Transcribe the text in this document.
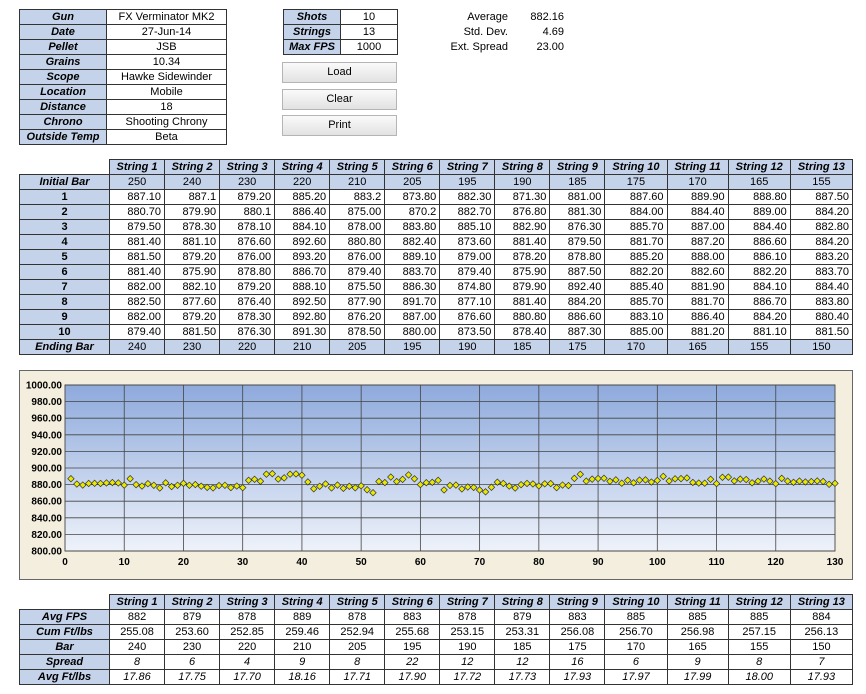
Gun	FX Verminator MK2
Date	27-Jun-14
Pellet	JSB
Grains	10.34
Scope	Hawke Sidewinder
Location	Mobile
Distance	18
Chrono	Shooting Chrony
Outside Temp	Beta
Shots	10
Strings	13
Max FPS	1000
Load
Clear
Print
Average	882.16
Std. Dev.	4.69
Ext. Spread	23.00
	String 1	String 2	String 3	String 4	String 5	String 6	String 7	String 8	String 9	String 10	String 11	String 12	String 13
Initial Bar	250	240	230	220	210	205	195	190	185	175	170	165	155
1	887.10	887.1	879.20	885.20	883.2	873.80	882.30	871.30	881.00	887.60	889.90	888.80	887.50
2	880.70	879.90	880.1	886.40	875.00	870.2	882.70	876.80	881.30	884.00	884.40	889.00	884.20
3	879.50	878.30	878.10	884.10	878.00	883.80	885.10	882.90	876.30	885.70	887.00	884.40	882.80
4	881.40	881.10	876.60	892.60	880.80	882.40	873.60	881.40	879.50	881.70	887.20	886.60	884.20
5	881.50	879.20	876.00	893.20	876.00	889.10	879.00	878.20	878.80	885.20	888.00	886.10	883.20
6	881.40	875.90	878.80	886.70	879.40	883.70	879.40	875.90	887.50	882.20	882.60	882.20	883.70
7	882.00	882.10	879.20	888.10	875.50	886.30	874.80	879.90	892.40	885.40	881.90	884.10	884.40
8	882.50	877.60	876.40	892.50	877.90	891.70	877.10	881.40	884.20	885.70	881.70	886.70	883.80
9	882.00	879.20	878.30	892.80	876.20	887.00	876.60	880.80	886.60	883.10	886.40	884.20	880.40
10	879.40	881.50	876.30	891.30	878.50	880.00	873.50	878.40	887.30	885.00	881.20	881.10	881.50
Ending Bar	240	230	220	210	205	195	190	185	175	170	165	155	150
800.00
820.00
840.00
860.00
880.00
900.00
920.00
940.00
960.00
980.00
1000.00
0	10	20	30	40	50	60	70	80	90	100	110	120	130
	String 1	String 2	String 3	String 4	String 5	String 6	String 7	String 8	String 9	String 10	String 11	String 12	String 13
Avg FPS	882	879	878	889	878	883	878	879	883	885	885	885	884
Cum Ft/lbs	255.08	253.60	252.85	259.46	252.94	255.68	253.15	253.31	256.08	256.70	256.98	257.15	256.13
Bar	240	230	220	210	205	195	190	185	175	170	165	155	150
Spread	8	6	4	9	8	22	12	12	16	6	9	8	7
Avg Ft/lbs	17.86	17.75	17.70	18.16	17.71	17.90	17.72	17.73	17.93	17.97	17.99	18.00	17.93
